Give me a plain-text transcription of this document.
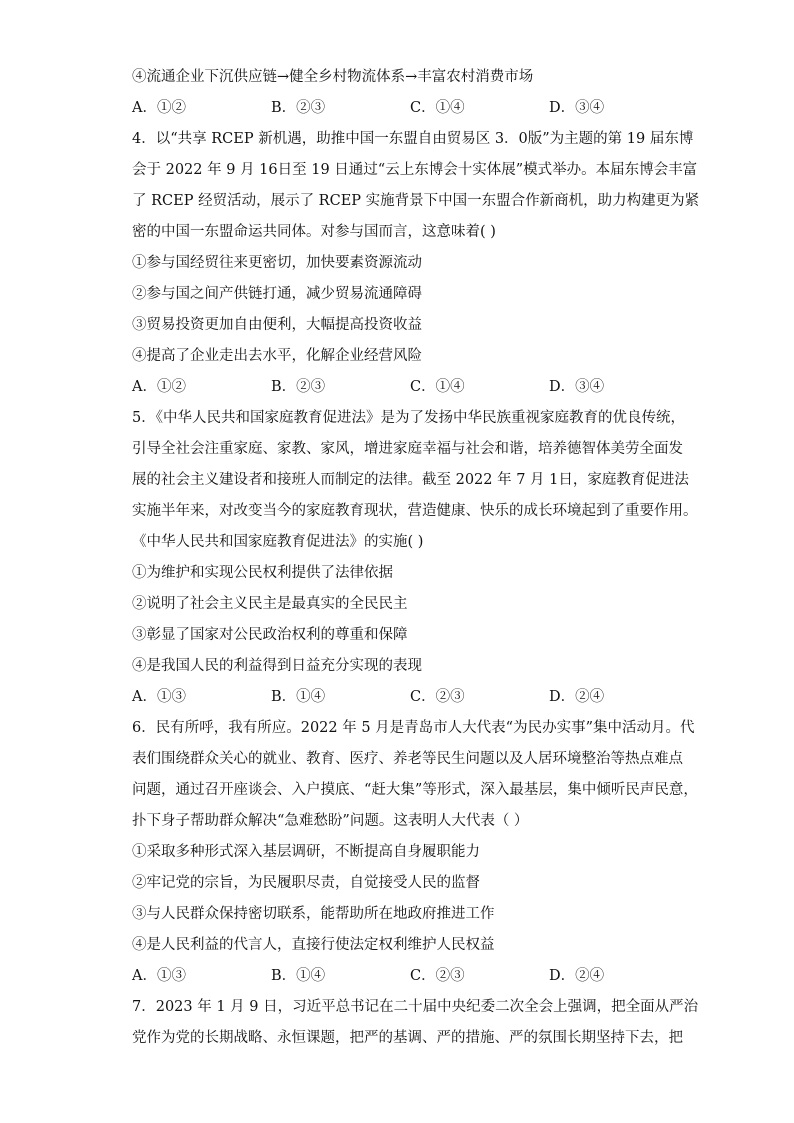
④流通企业下沉供应链→健全乡村物流体系→丰富农村消费市场
A．①②	B．②③	C．①④	D．③④
4．以“共享 RCEP 新机遇，助推中国一东盟自由贸易区 3．0版”为主题的第 19 届东博
会于 2022 年 9 月 16日至 19 日通过“云上东博会十实体展”模式举办。本届东博会丰富
了 RCEP 经贸活动，展示了 RCEP 实施背景下中国一东盟合作新商机，助力构建更为紧
密的中国一东盟命运共同体。对参与国而言，这意味着( )
①参与国经贸往来更密切，加快要素资源流动
②参与国之间产供链打通，减少贸易流通障碍
③贸易投资更加自由便利，大幅提高投资收益
④提高了企业走出去水平，化解企业经营风险
A．①②	B．②③	C．①④	D．③④
5．《中华人民共和国家庭教育促进法》是为了发扬中华民族重视家庭教育的优良传统，
引导全社会注重家庭、家教、家风，增进家庭幸福与社会和谐，培养德智体美劳全面发
展的社会主义建设者和接班人而制定的法律。截至 2022 年 7 月 1日，家庭教育促进法
实施半年来，对改变当今的家庭教育现状，营造健康、快乐的成长环境起到了重要作用。
《中华人民共和国家庭教育促进法》的实施( )
①为维护和实现公民权利提供了法律依据
②说明了社会主义民主是最真实的全民民主
③彰显了国家对公民政治权利的尊重和保障
④是我国人民的利益得到日益充分实现的表现
A．①③	B．①④	C．②③	D．②④
6．民有所呼，我有所应。2022 年 5 月是青岛市人大代表“为民办实事”集中活动月。代
表们围绕群众关心的就业、教育、医疗、养老等民生问题以及人居环境整治等热点难点
问题，通过召开座谈会、入户摸底、“赶大集”等形式，深入最基层，集中倾听民声民意，
扑下身子帮助群众解决“急难愁盼”问题。这表明人大代表（ ）
①采取多种形式深入基层调研，不断提高自身履职能力
②牢记党的宗旨，为民履职尽责，自觉接受人民的监督
③与人民群众保持密切联系，能帮助所在地政府推进工作
④是人民利益的代言人，直接行使法定权利维护人民权益
A．①③	B．①④	C．②③	D．②④
7．2023 年 1 月 9 日，习近平总书记在二十届中央纪委二次全会上强调，把全面从严治
党作为党的长期战略、永恒课题，把严的基调、严的措施、严的氛围长期坚持下去，把
